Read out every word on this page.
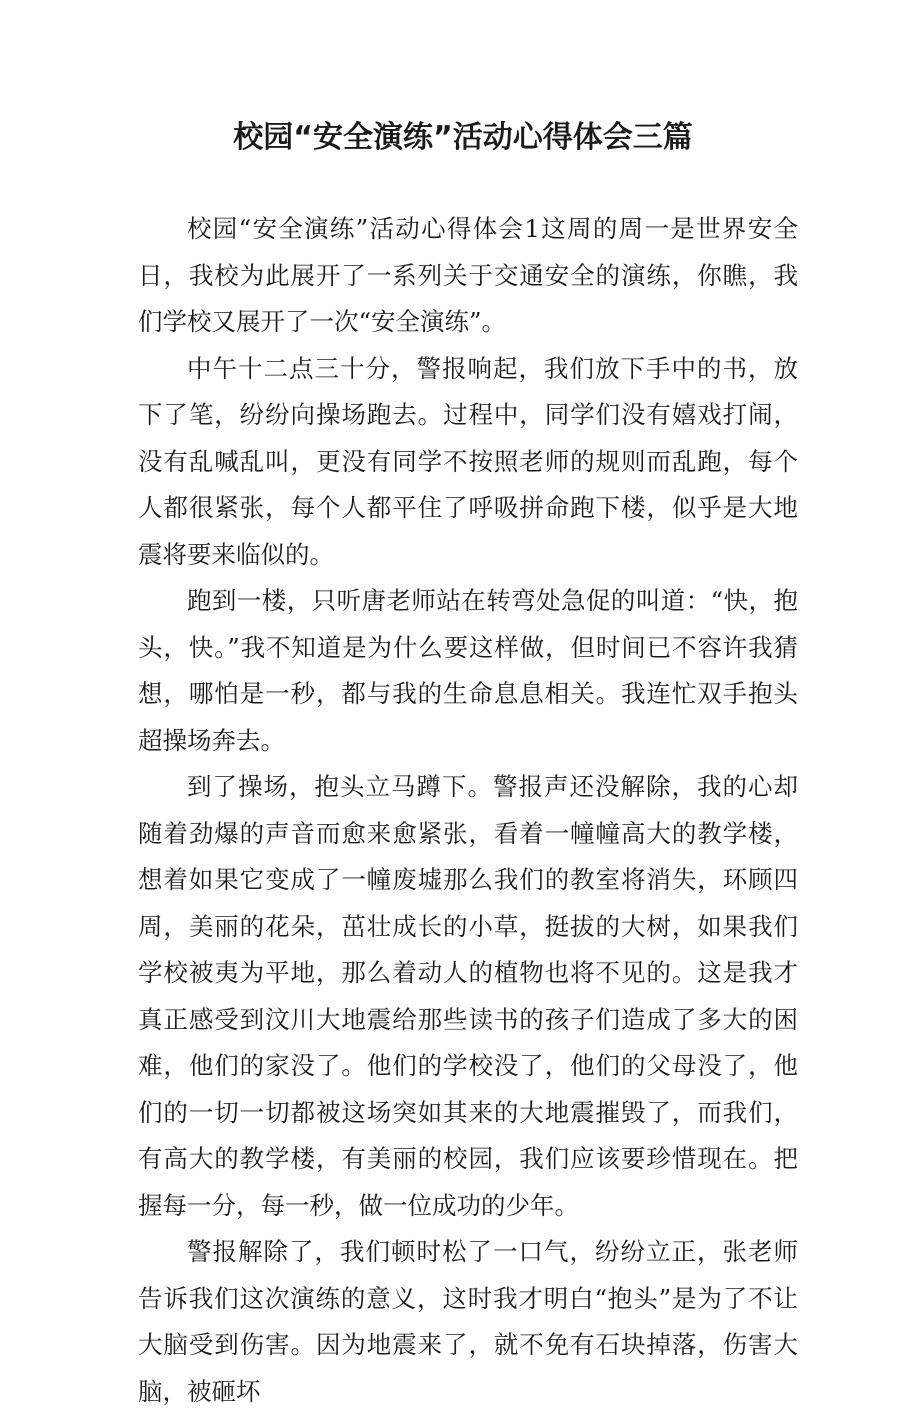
校园“安全演练”活动心得体会三篇

校园“安全演练”活动心得体会1这周的周一是世界安全日，我校为此展开了一系列关于交通安全的演练，你瞧，我们学校又展开了一次“安全演练”。

中午十二点三十分，警报响起，我们放下手中的书，放下了笔，纷纷向操场跑去。过程中，同学们没有嬉戏打闹，没有乱喊乱叫，更没有同学不按照老师的规则而乱跑，每个人都很紧张，每个人都平住了呼吸拼命跑下楼，似乎是大地震将要来临似的。

跑到一楼，只听唐老师站在转弯处急促的叫道：“快，抱头，快。”我不知道是为什么要这样做，但时间已不容许我猜想，哪怕是一秒，都与我的生命息息相关。我连忙双手抱头超操场奔去。

到了操场，抱头立马蹲下。警报声还没解除，我的心却随着劲爆的声音而愈来愈紧张，看着一幢幢高大的教学楼，想着如果它变成了一幢废墟那么我们的教室将消失，环顾四周，美丽的花朵，茁壮成长的小草，挺拔的大树，如果我们学校被夷为平地，那么着动人的植物也将不见的。这是我才真正感受到汶川大地震给那些读书的孩子们造成了多大的困难，他们的家没了。他们的学校没了，他们的父母没了，他们的一切一切都被这场突如其来的大地震摧毁了，而我们，有高大的教学楼，有美丽的校园，我们应该要珍惜现在。把握每一分，每一秒，做一位成功的少年。

警报解除了，我们顿时松了一口气，纷纷立正，张老师告诉我们这次演练的意义，这时我才明白“抱头”是为了不让大脑受到伤害。因为地震来了，就不免有石块掉落，伤害大脑，被砸坏
